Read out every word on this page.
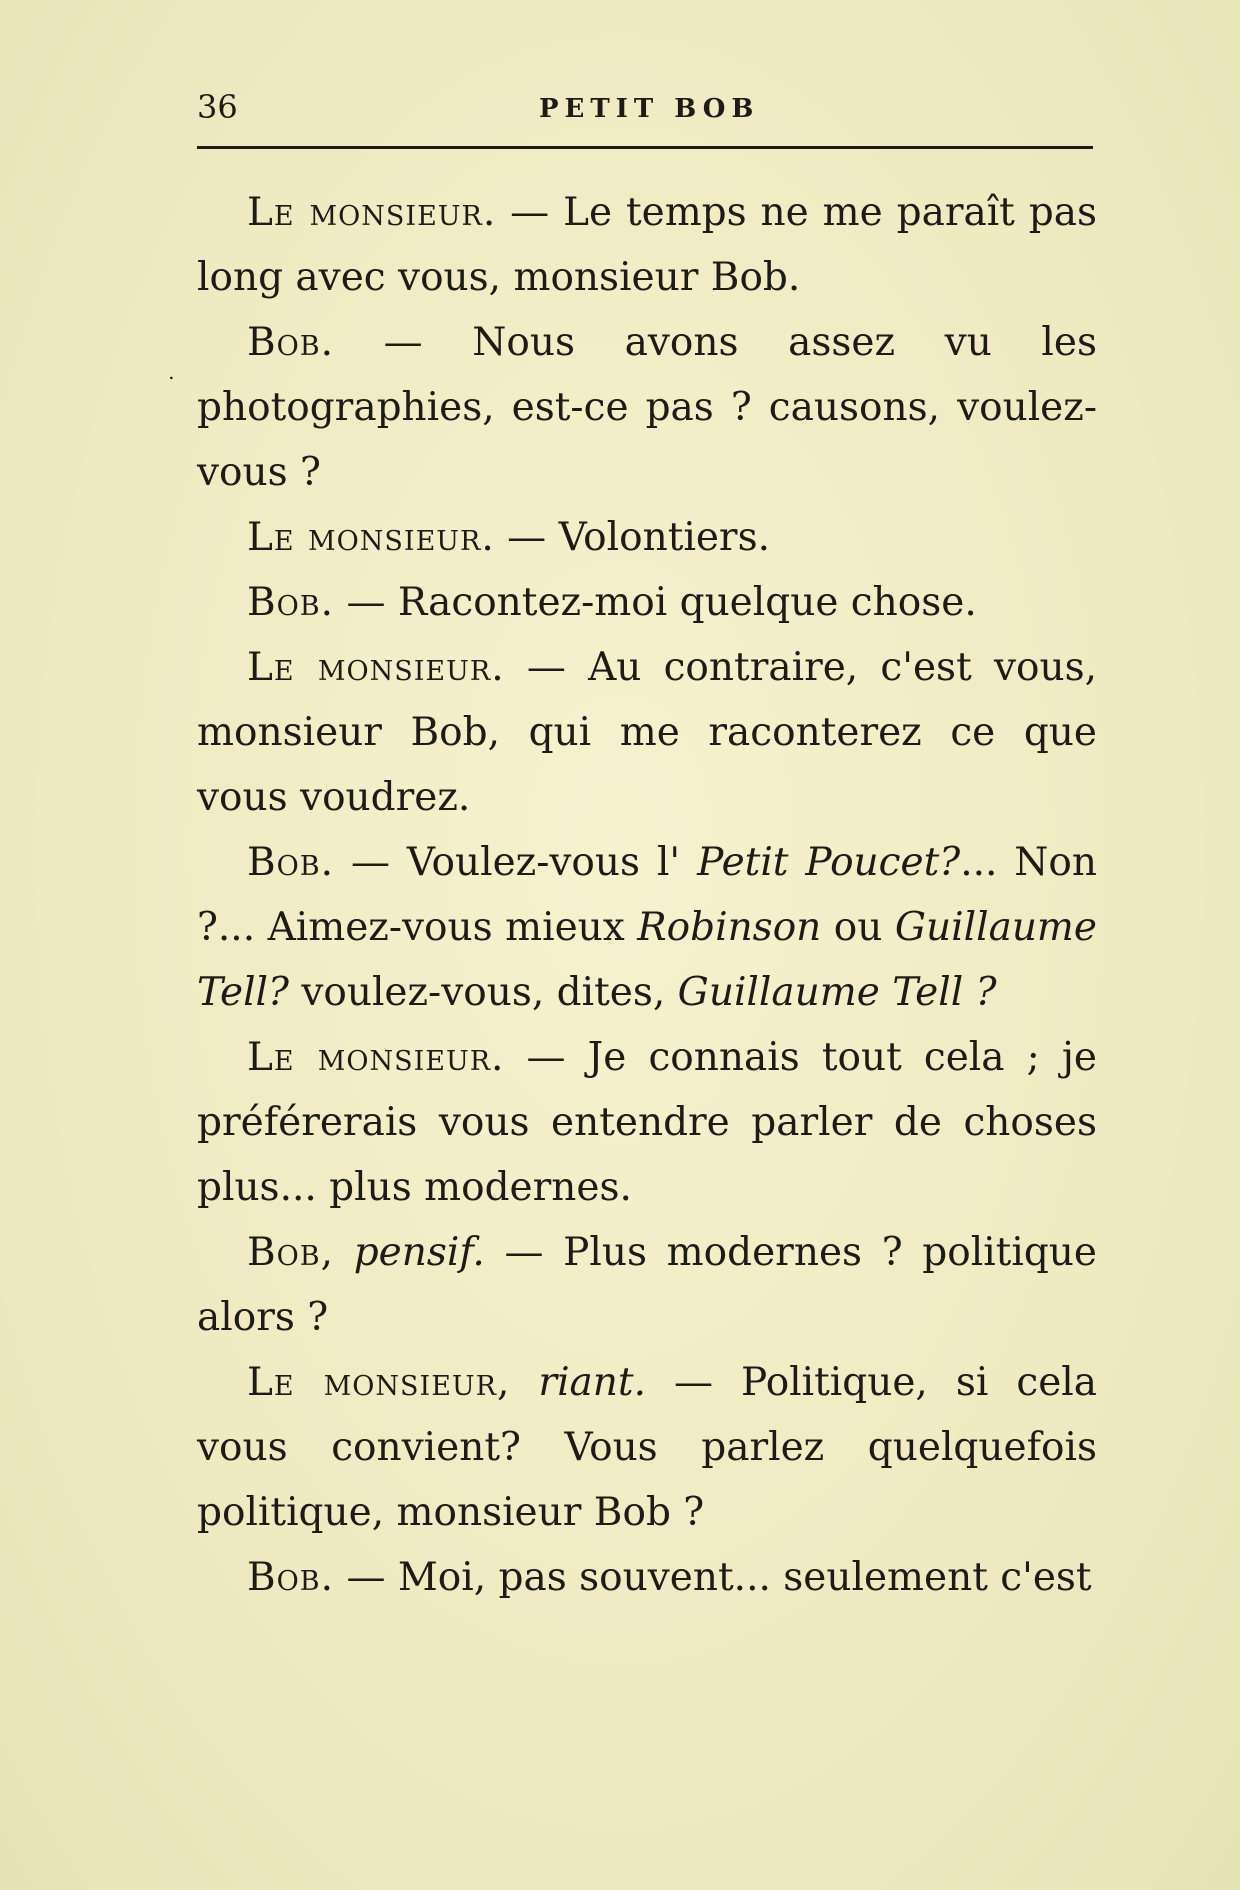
36	PETIT BOB

Le monsieur. — Le temps ne me paraît pas long avec vous, monsieur Bob.

Bob. — Nous avons assez vu les photographies, est-ce pas ? causons, voulez-vous ?

Le monsieur. — Volontiers.

Bob. — Racontez-moi quelque chose.

Le monsieur. — Au contraire, c'est vous, monsieur Bob, qui me raconterez ce que vous voudrez.

Bob. — Voulez-vous l' Petit Poucet?... Non ?... Aimez-vous mieux Robinson ou Guillaume Tell? voulez-vous, dites, Guillaume Tell ?

Le monsieur. — Je connais tout cela ; je préférerais vous entendre parler de choses plus... plus modernes.

Bob, pensif. — Plus modernes ? politique alors ?

Le monsieur, riant. — Politique, si cela vous convient? Vous parlez quelquefois politique, monsieur Bob ?

Bob. — Moi, pas souvent... seulement c'est

․
